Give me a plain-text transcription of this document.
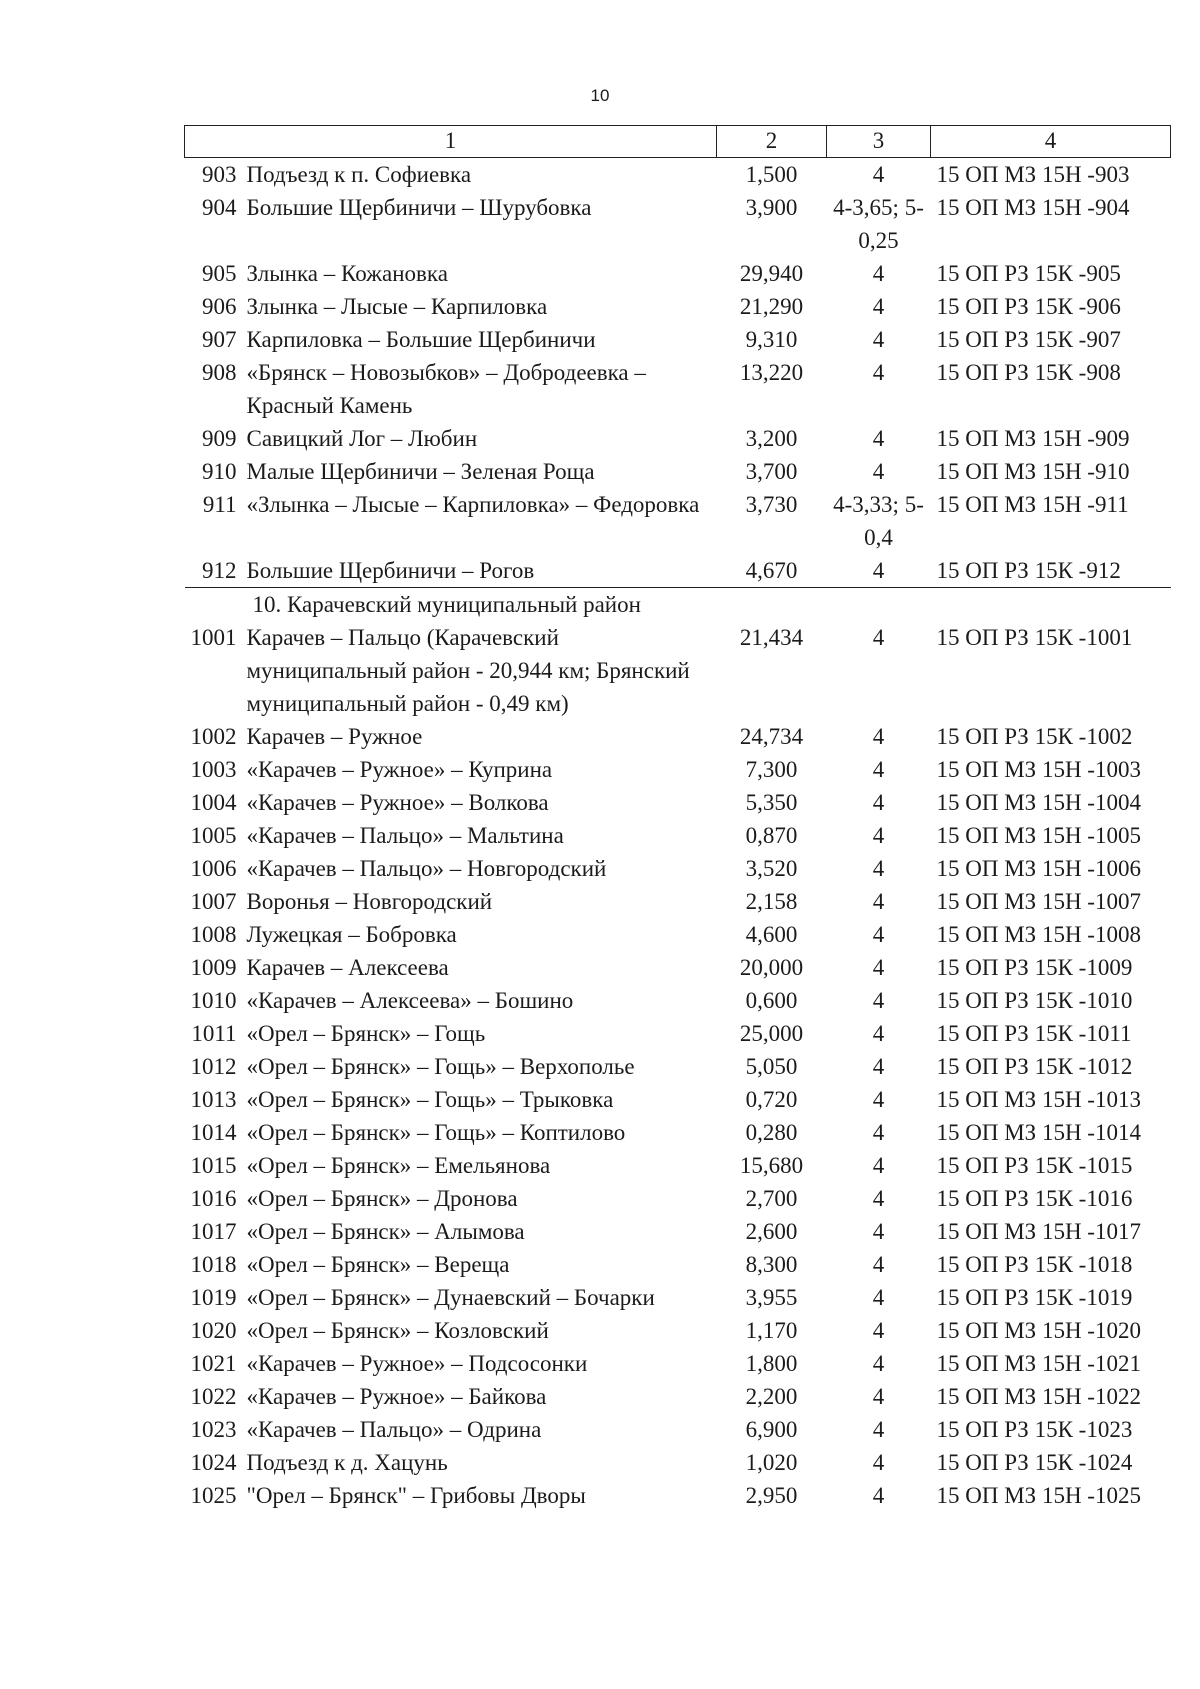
10
1		2	3	4
903	Подъезд к п. Софиевка	1,500	4	15 ОП МЗ 15Н -903
904	Большие Щербиничи – Шурубовка	3,900	4-3,65; 5-0,25	15 ОП МЗ 15Н -904
905	Злынка – Кожановка	29,940	4	15 ОП РЗ 15К -905
906	Злынка – Лысые – Карпиловка	21,290	4	15 ОП РЗ 15К -906
907	Карпиловка – Большие Щербиничи	9,310	4	15 ОП РЗ 15К -907
908	«Брянск – Новозыбков» – Добродеевка – Красный Камень	13,220	4	15 ОП РЗ 15К -908
909	Савицкий Лог – Любин	3,200	4	15 ОП МЗ 15Н -909
910	Малые Щербиничи – Зеленая Роща	3,700	4	15 ОП МЗ 15Н -910
911	«Злынка – Лысые – Карпиловка» – Федоровка	3,730	4-3,33; 5-0,4	15 ОП МЗ 15Н -911
912	Большие Щербиничи – Рогов	4,670	4	15 ОП РЗ 15К -912
10. Карачевский муниципальный район				
1001	Карачев – Пальцо (Карачевский муниципальный район - 20,944 км; Брянский муниципальный район - 0,49 км)	21,434	4	15 ОП РЗ 15К -1001
1002	Карачев – Ружное	24,734	4	15 ОП РЗ 15К -1002
1003	«Карачев – Ружное» – Куприна	7,300	4	15 ОП МЗ 15Н -1003
1004	«Карачев – Ружное» – Волкова	5,350	4	15 ОП МЗ 15Н -1004
1005	«Карачев – Пальцо» – Мальтина	0,870	4	15 ОП МЗ 15Н -1005
1006	«Карачев – Пальцо» – Новгородский	3,520	4	15 ОП МЗ 15Н -1006
1007	Воронья – Новгородский	2,158	4	15 ОП МЗ 15Н -1007
1008	Лужецкая – Бобровка	4,600	4	15 ОП МЗ 15Н -1008
1009	Карачев – Алексеева	20,000	4	15 ОП РЗ 15К -1009
1010	«Карачев – Алексеева» – Бошино	0,600	4	15 ОП РЗ 15К -1010
1011	«Орел – Брянск» – Гощь	25,000	4	15 ОП РЗ 15К -1011
1012	«Орел – Брянск» – Гощь» – Верхополье	5,050	4	15 ОП РЗ 15К -1012
1013	«Орел – Брянск» – Гощь» – Трыковка	0,720	4	15 ОП МЗ 15Н -1013
1014	«Орел – Брянск» – Гощь» – Коптилово	0,280	4	15 ОП МЗ 15Н -1014
1015	«Орел – Брянск» – Емельянова	15,680	4	15 ОП РЗ 15К -1015
1016	«Орел – Брянск» – Дронова	2,700	4	15 ОП РЗ 15К -1016
1017	«Орел – Брянск» – Алымова	2,600	4	15 ОП МЗ 15Н -1017
1018	«Орел – Брянск» – Вереща	8,300	4	15 ОП РЗ 15К -1018
1019	«Орел – Брянск» – Дунаевский – Бочарки	3,955	4	15 ОП РЗ 15К -1019
1020	«Орел – Брянск» – Козловский	1,170	4	15 ОП МЗ 15Н -1020
1021	«Карачев – Ружное» – Подсосонки	1,800	4	15 ОП МЗ 15Н -1021
1022	«Карачев – Ружное» – Байкова	2,200	4	15 ОП МЗ 15Н -1022
1023	«Карачев – Пальцо» – Одрина	6,900	4	15 ОП РЗ 15К -1023
1024	Подъезд к д. Хацунь	1,020	4	15 ОП РЗ 15К -1024
1025	"Орел – Брянск" – Грибовы Дворы	2,950	4	15 ОП МЗ 15Н -1025
